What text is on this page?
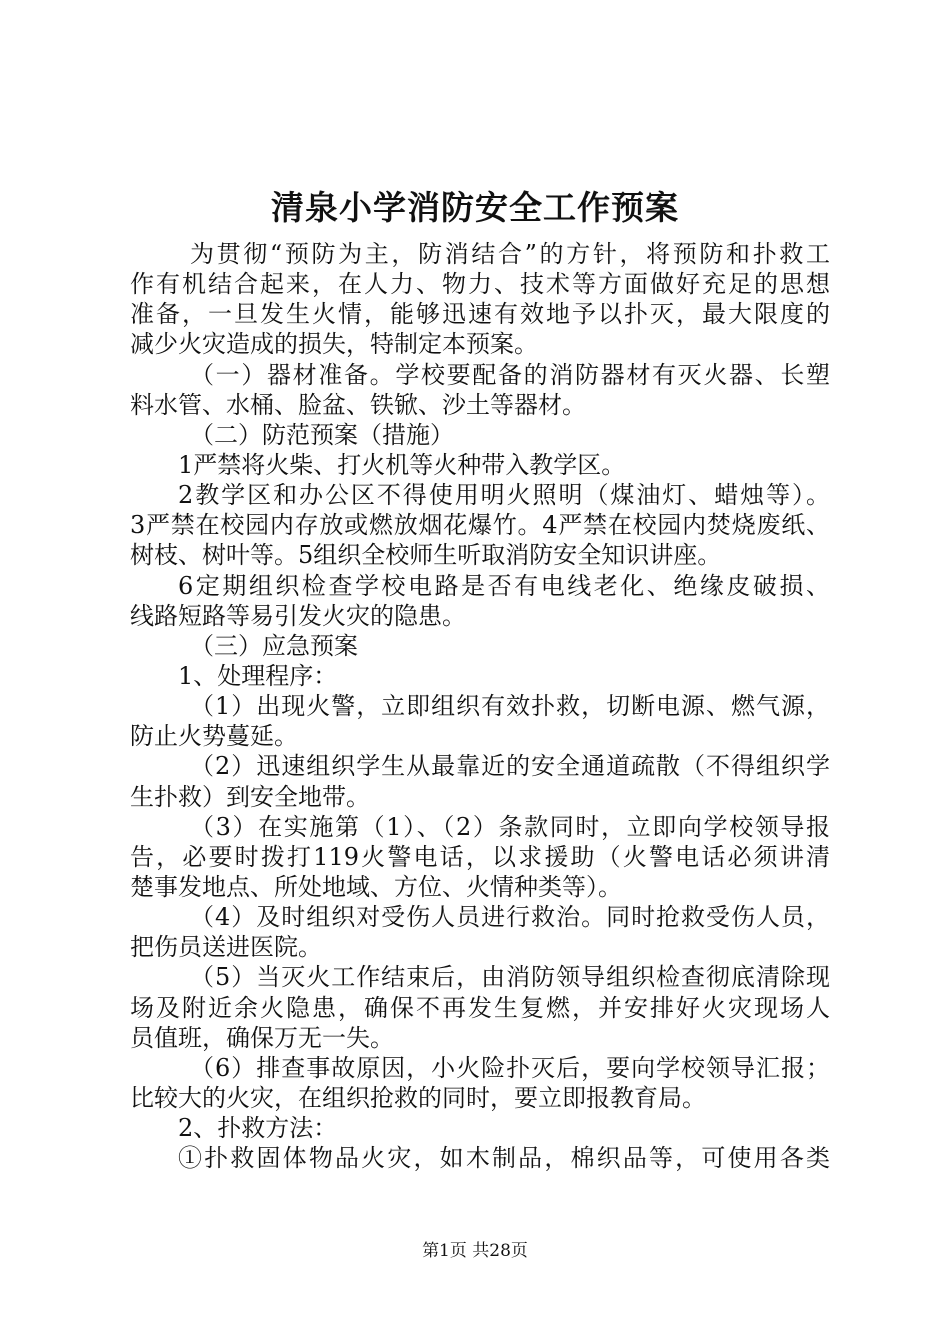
清泉小学消防安全工作预案
为贯彻“预防为主，防消结合”的方针，将预防和扑救工
作有机结合起来，在人力、物力、技术等方面做好充足的思想
准备，一旦发生火情，能够迅速有效地予以扑灭，最大限度的
减少火灾造成的损失，特制定本预案。
（一）器材准备。学校要配备的消防器材有灭火器、长塑
料水管、水桶、脸盆、铁锨、沙土等器材。
（二）防范预案（措施）
1严禁将火柴、打火机等火种带入教学区。
2教学区和办公区不得使用明火照明（煤油灯、蜡烛等）。
3严禁在校园内存放或燃放烟花爆竹。4严禁在校园内焚烧废纸、
树枝、树叶等。5组织全校师生听取消防安全知识讲座。
6定期组织检查学校电路是否有电线老化、绝缘皮破损、
线路短路等易引发火灾的隐患。
（三）应急预案
1、处理程序：
（1）出现火警，立即组织有效扑救，切断电源、燃气源，
防止火势蔓延。
（2）迅速组织学生从最靠近的安全通道疏散（不得组织学
生扑救）到安全地带。
（3）在实施第（1）、（2）条款同时，立即向学校领导报
告，必要时拨打119火警电话，以求援助（火警电话必须讲清
楚事发地点、所处地域、方位、火情种类等）。
（4）及时组织对受伤人员进行救治。同时抢救受伤人员，
把伤员送进医院。
（5）当灭火工作结束后，由消防领导组织检查彻底清除现
场及附近余火隐患，确保不再发生复燃，并安排好火灾现场人
员值班，确保万无一失。
（6）排查事故原因，小火险扑灭后，要向学校领导汇报；
比较大的火灾，在组织抢救的同时，要立即报教育局。
2、扑救方法：
①扑救固体物品火灾，如木制品，棉织品等，可使用各类
第1页 共28页
